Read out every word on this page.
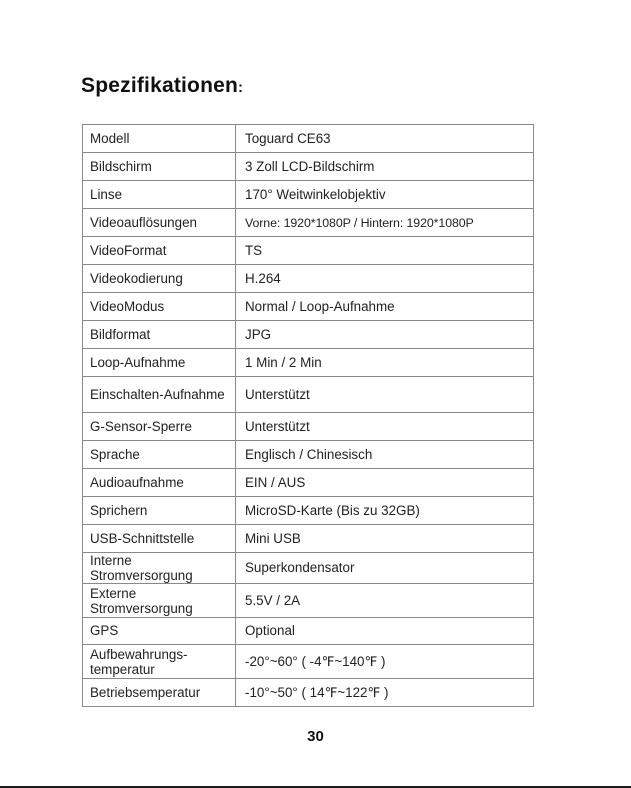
Spezifikationen:
Modell	Toguard CE63
Bildschirm	3 Zoll LCD-Bildschirm
Linse	170° Weitwinkelobjektiv
Videoauflösungen	Vorne: 1920*1080P / Hintern: 1920*1080P
VideoFormat	TS
Videokodierung	H.264
VideoModus	Normal / Loop-Aufnahme
Bildformat	JPG
Loop-Aufnahme	1 Min / 2 Min
Einschalten-Aufnahme	Unterstützt
G-Sensor-Sperre	Unterstützt
Sprache	Englisch / Chinesisch
Audioaufnahme	EIN / AUS
Sprichern	MicroSD-Karte (Bis zu 32GB)
USB-Schnittstelle	Mini USB
Interne Stromversorgung	Superkondensator
Externe Stromversorgung	5.5V / 2A
GPS	Optional
Aufbewahrungs-temperatur	-20°~60° ( -4℉~140℉ )
Betriebsemperatur	-10°~50° ( 14℉~122℉ )
30
